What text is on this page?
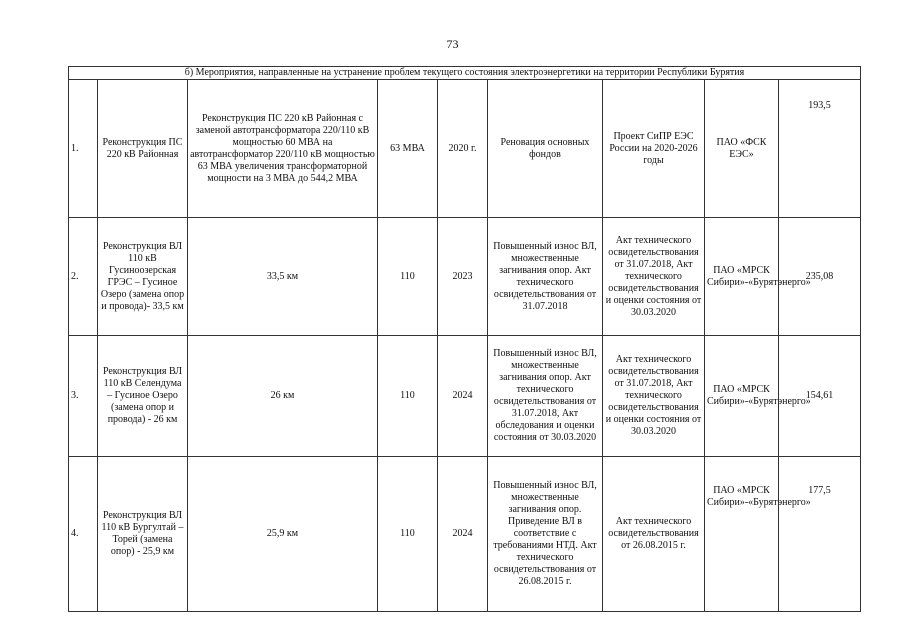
73
б) Мероприятия, направленные на устранение проблем текущего состояния электроэнергетики на территории Республики Бурятия								
1.	Реконструкция ПС 220 кВ Районная	Реконструкция ПС 220 кВ Районная с заменой автотрансформатора 220/110 кВ мощностью 60 МВА на автотрансформатор 220/110 кВ мощностью 63 МВА увеличения трансформаторной мощности на 3 МВА до 544,2 МВА	63 МВА	2020 г.	Реновация основных фондов	Проект СиПР ЕЭС России на 2020-2026 годы	ПАО «ФСК ЕЭС»	193,5
2.	Реконструкция ВЛ 110 кВ Гусиноозерская ГРЭС – Гусиное Озеро (замена опор и провода)- 33,5 км	33,5 км	110	2023	Повышенный износ ВЛ, множественные загнивания опор. Акт технического освидетельствования от 31.07.2018	Акт технического освидетельствования от 31.07.2018, Акт технического освидетельствования и оценки состояния от 30.03.2020	ПАО «МРСК Сибири»-«Бурятэнерго»	235,08
3.	Реконструкция ВЛ 110 кВ Селендума – Гусиное Озеро (замена опор и провода) - 26 км	26 км	110	2024	Повышенный износ ВЛ, множественные загнивания опор. Акт технического освидетельствования от 31.07.2018, Акт обследования и оценки состояния от 30.03.2020	Акт технического освидетельствования от 31.07.2018, Акт технического освидетельствования и оценки состояния от 30.03.2020	ПАО «МРСК Сибири»-«Бурятэнерго»	154,61
4.	Реконструкция ВЛ 110 кВ Бургултай – Торей (замена опор) - 25,9 км	25,9 км	110	2024	Повышенный износ ВЛ, множественные загнивания опор. Приведение ВЛ в соответствие с требованиями НТД. Акт технического освидетельствования от 26.08.2015 г.	Акт технического освидетельствования от 26.08.2015 г.	ПАО «МРСК Сибири»-«Бурятэнерго»	177,5
